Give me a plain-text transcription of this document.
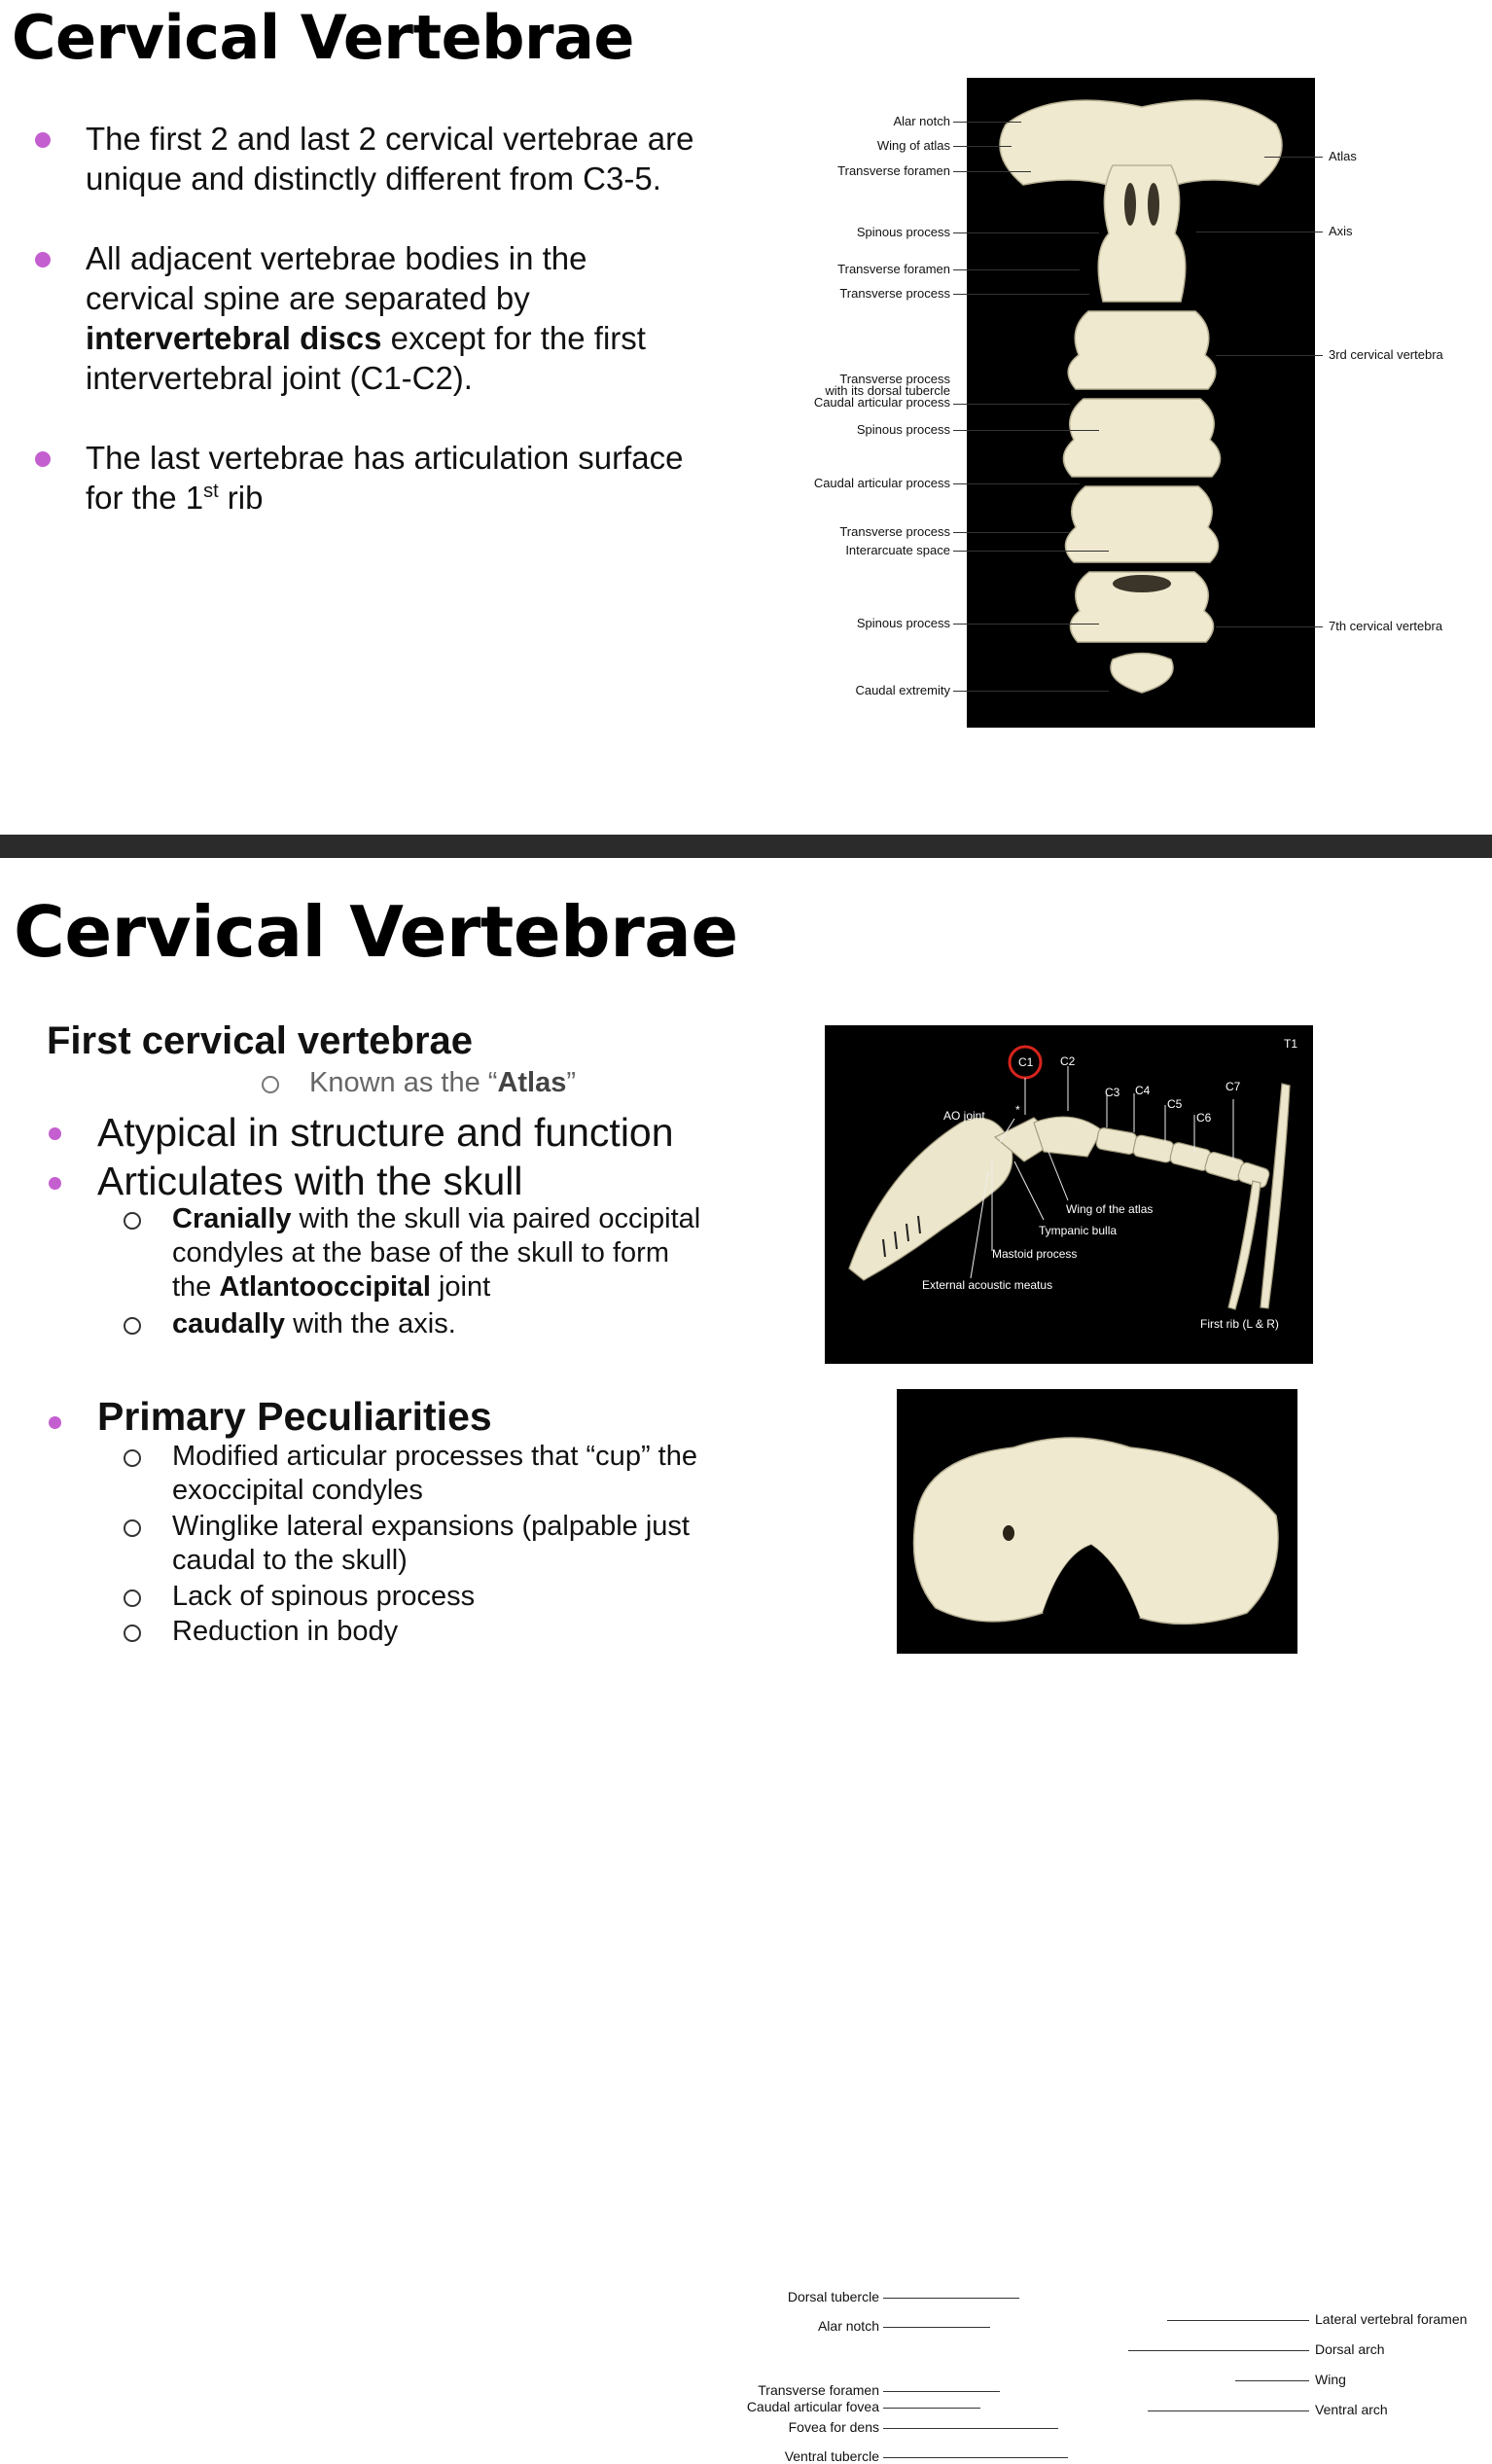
Cervical Vertebrae

The first 2 and last 2 cervical vertebrae are
unique and distinctly different from C3-5.

All adjacent vertebrae bodies in the
cervical spine are separated by
intervertebral discs except for the first
intervertebral joint (C1-C2).

The last vertebrae has articulation surface
for the 1st rib

Alar notch
Wing of atlas
Transverse foramen
Spinous process
Transverse foramen
Transverse process
Transverse process
with its dorsal tubercle
Caudal articular process
Spinous process
Caudal articular process
Transverse process
Interarcuate space
Spinous process
Caudal extremity
Atlas
Axis
3rd cervical vertebra
7th cervical vertebra
Cervical Vertebrae
First cervical vertebrae

Known as the “Atlas”

Atypical in structure and function

Articulates with the skull

Cranially with the skull via paired occipital
condyles at the base of the skull to form
the Atlantooccipital joint

caudally with the axis.

Primary Peculiarities

Modified articular processes that “cup” the
exoccipital condyles

Winglike lateral expansions (palpable just
caudal to the skull)

Lack of spinous process

Reduction in body

C1 C2
C3 C4
C5
C6
C7
T1
AO joint	*
Wing of the atlas
Tympanic bulla
Mastoid process
External acoustic meatus
First rib (L & R)
Dorsal tubercle
Alar notch
Transverse foramen
Caudal articular fovea
Fovea for dens
Ventral tubercle
Lateral vertebral foramen
Dorsal arch
Wing
Ventral arch
